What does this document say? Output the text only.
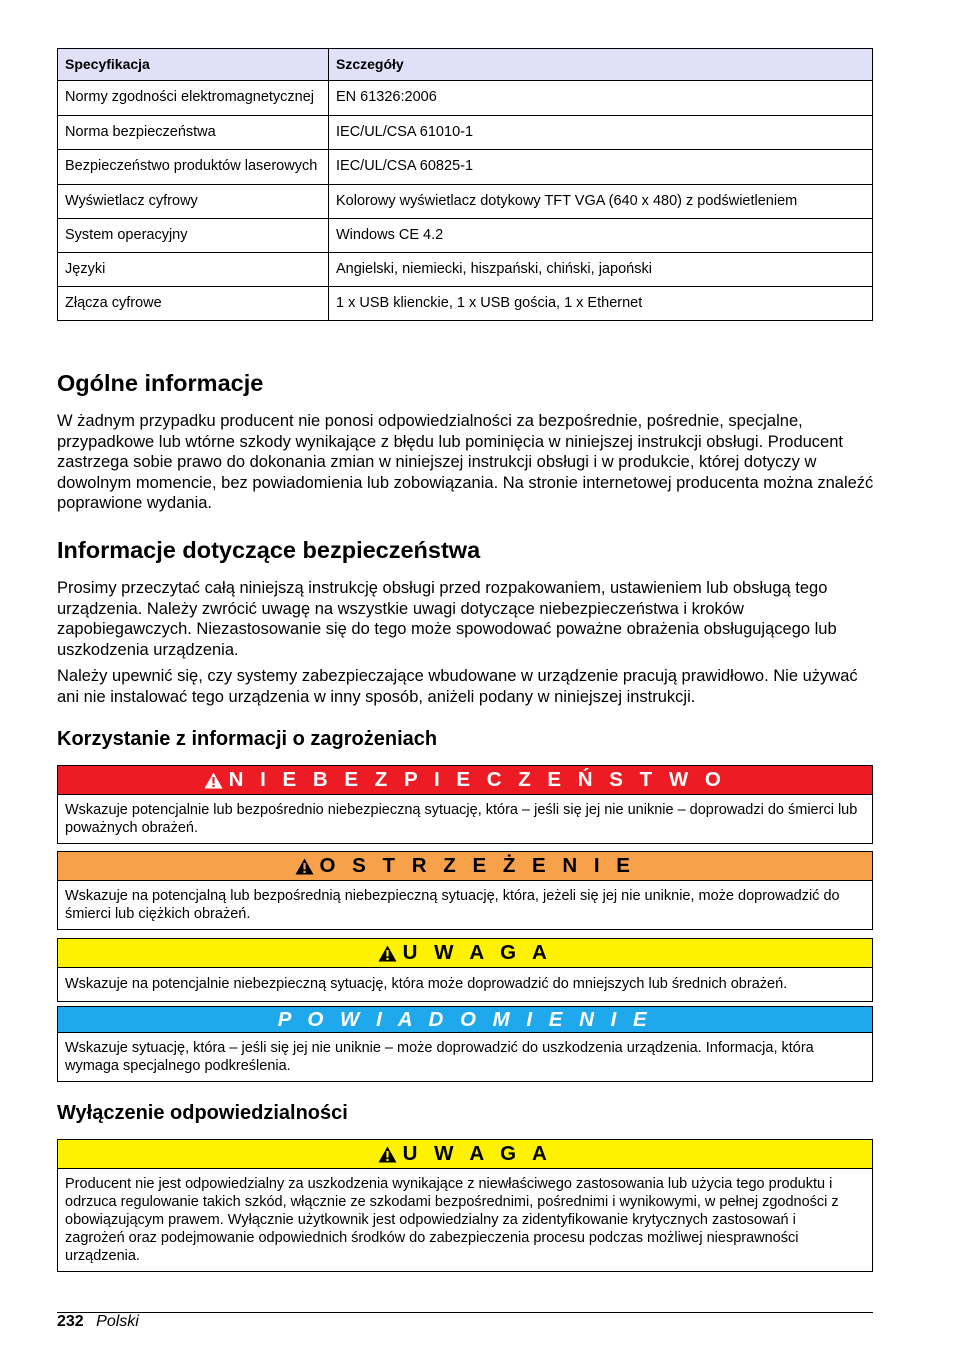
Specyfikacja	Szczegóły
Normy zgodności elektromagnetycznej	EN 61326:2006
Norma bezpieczeństwa	IEC/UL/CSA 61010-1
Bezpieczeństwo produktów laserowych	IEC/UL/CSA 60825-1
Wyświetlacz cyfrowy	Kolorowy wyświetlacz dotykowy TFT VGA (640 x 480) z podświetleniem
System operacyjny	Windows CE 4.2
Języki	Angielski, niemiecki, hiszpański, chiński, japoński
Złącza cyfrowe	1 x USB klienckie, 1 x USB gościa, 1 x Ethernet
Ogólne informacje

W żadnym przypadku producent nie ponosi odpowiedzialności za bezpośrednie, pośrednie, specjalne, przypadkowe lub wtórne szkody wynikające z błędu lub pominięcia w niniejszej instrukcji obsługi. Producent zastrzega sobie prawo do dokonania zmian w niniejszej instrukcji obsługi i w produkcie, której dotyczy w dowolnym momencie, bez powiadomienia lub zobowiązania. Na stronie internetowej producenta można znaleźć poprawione wydania.

Informacje dotyczące bezpieczeństwa

Prosimy przeczytać całą niniejszą instrukcję obsługi przed rozpakowaniem, ustawieniem lub obsługą tego urządzenia. Należy zwrócić uwagę na wszystkie uwagi dotyczące niebezpieczeństwa i kroków zapobiegawczych. Niezastosowanie się do tego może spowodować poważne obrażenia obsługującego lub uszkodzenia urządzenia.

Należy upewnić się, czy systemy zabezpieczające wbudowane w urządzenie pracują prawidłowo. Nie używać ani nie instalować tego urządzenia w inny sposób, aniżeli podany w niniejszej instrukcji.

Korzystanie z informacji o zagrożeniach
N I E B E Z P I E C Z E Ń S T W O
Wskazuje potencjalnie lub bezpośrednio niebezpieczną sytuację, która – jeśli się jej nie uniknie – doprowadzi do śmierci lub poważnych obrażeń.
O S T R Z E Ż E N I E
Wskazuje na potencjalną lub bezpośrednią niebezpieczną sytuację, która, jeżeli się jej nie uniknie, może doprowadzić do śmierci lub ciężkich obrażeń.
U W A G A
Wskazuje na potencjalnie niebezpieczną sytuację, która może doprowadzić do mniejszych lub średnich obrażeń.
P O W I A D O M I E N I E
Wskazuje sytuację, która – jeśli się jej nie uniknie – może doprowadzić do uszkodzenia urządzenia. Informacja, która wymaga specjalnego podkreślenia.
Wyłączenie odpowiedzialności
U W A G A
Producent nie jest odpowiedzialny za uszkodzenia wynikające z niewłaściwego zastosowania lub użycia tego produktu i odrzuca regulowanie takich szkód, włącznie ze szkodami bezpośrednimi, pośrednimi i wynikowymi, w pełnej zgodności z obowiązującym prawem. Wyłącznie użytkownik jest odpowiedzialny za zidentyfikowanie krytycznych zastosowań i zagrożeń oraz podejmowanie odpowiednich środków do zabezpieczenia procesu podczas możliwej niesprawności urządzenia.
232 Polski
